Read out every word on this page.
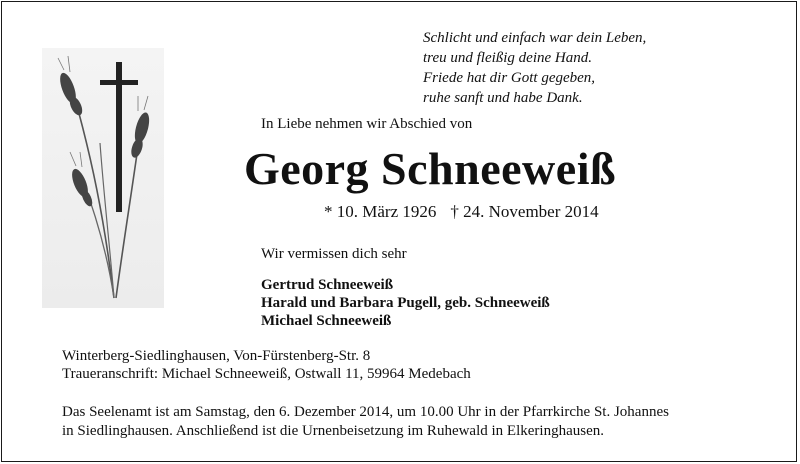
Schlicht und einfach war dein Leben,
treu und fleißig deine Hand.
Friede hat dir Gott gegeben,
ruhe sanft und habe Dank.
In Liebe nehmen wir Abschied von
Georg Schneeweiß
* 10. März 1926 † 24. November 2014
Wir vermissen dich sehr
Gertrud Schneeweiß
Harald und Barbara Pugell, geb. Schneeweiß
Michael Schneeweiß
Winterberg-Siedlinghausen, Von-Fürstenberg-Str. 8
Traueranschrift: Michael Schneeweiß, Ostwall 11, 59964 Medebach
Das Seelenamt ist am Samstag, den 6. Dezember 2014, um 10.00 Uhr in der Pfarrkirche St. Johannes
in Siedlinghausen. Anschließend ist die Urnenbeisetzung im Ruhewald in Elkeringhausen.
